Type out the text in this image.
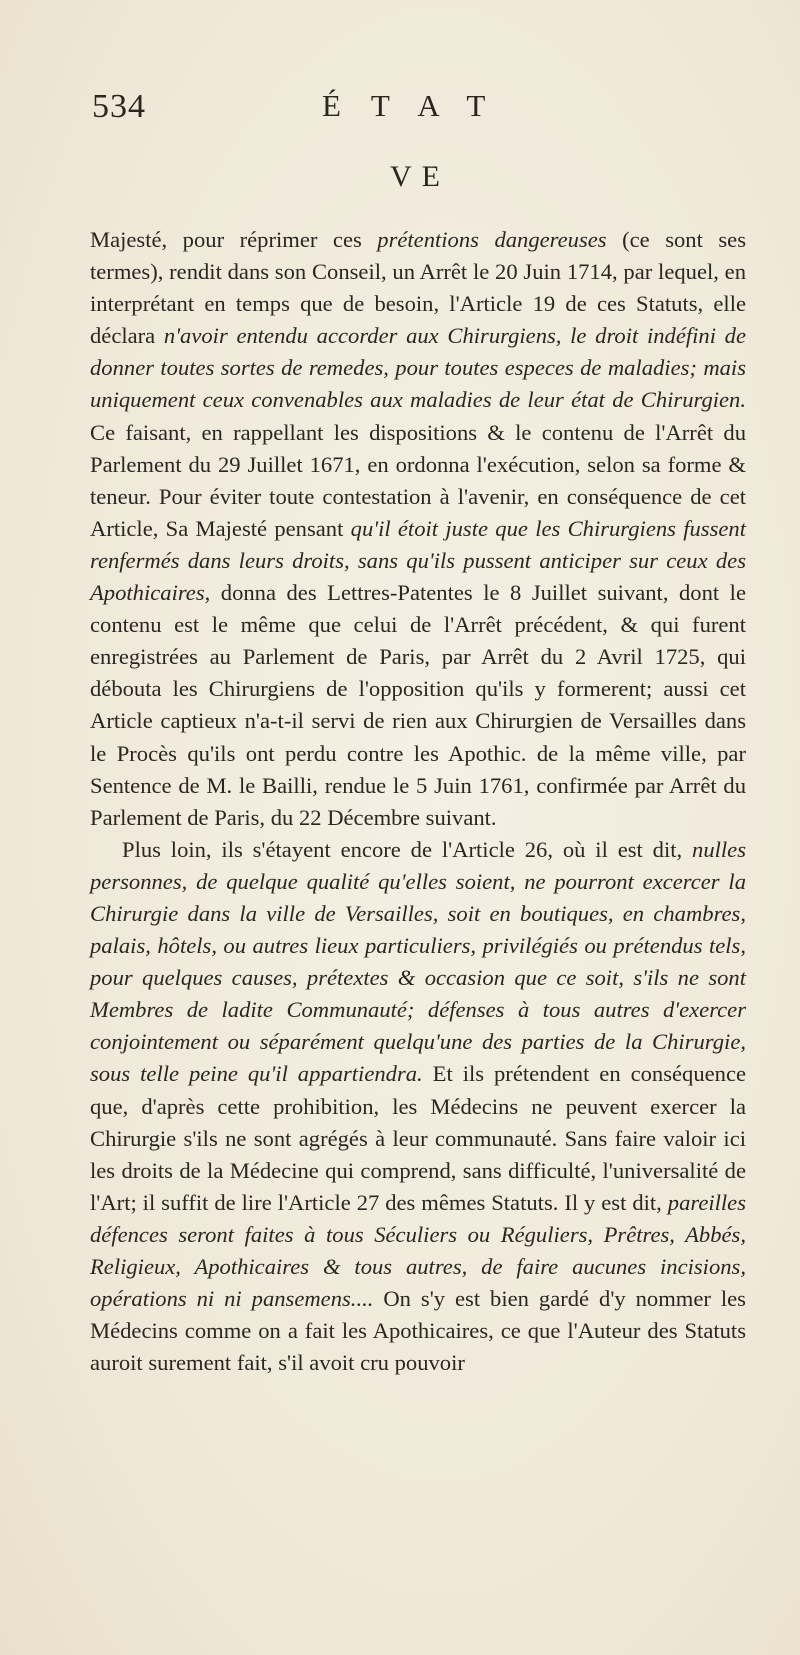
534	ÉTAT
VE

Majesté, pour réprimer ces prétentions dangereuses (ce sont ses termes), rendit dans son Conseil, un Arrêt le 20 Juin 1714, par lequel, en interprétant en temps que de besoin, l'Article 19 de ces Statuts, elle déclara n'avoir entendu accorder aux Chirurgiens, le droit indéfini de donner toutes sortes de remedes, pour toutes especes de maladies; mais uniquement ceux convenables aux maladies de leur état de Chirurgien. Ce faisant, en rappellant les dispositions & le contenu de l'Arrêt du Parlement du 29 Juillet 1671, en ordonna l'exécution, selon sa forme & teneur. Pour éviter toute contestation à l'avenir, en conséquence de cet Article, Sa Majesté pensant qu'il étoit juste que les Chirurgiens fussent renfermés dans leurs droits, sans qu'ils pussent anticiper sur ceux des Apothicaires, donna des Lettres-Patentes le 8 Juillet suivant, dont le contenu est le même que celui de l'Arrêt précédent, & qui furent enregistrées au Parlement de Paris, par Arrêt du 2 Avril 1725, qui débouta les Chirurgiens de l'opposition qu'ils y formerent; aussi cet Article captieux n'a-t-il servi de rien aux Chirurgien de Versailles dans le Procès qu'ils ont perdu contre les Apothic. de la même ville, par Sentence de M. le Bailli, rendue le 5 Juin 1761, confirmée par Arrêt du Parlement de Paris, du 22 Décembre suivant.

Plus loin, ils s'étayent encore de l'Article 26, où il est dit, nulles personnes, de quelque qualité qu'elles soient, ne pourront excercer la Chirurgie dans la ville de Versailles, soit en boutiques, en chambres, palais, hôtels, ou autres lieux particuliers, privilégiés ou prétendus tels, pour quelques causes, prétextes & occasion que ce soit, s'ils ne sont Membres de ladite Communauté; défenses à tous autres d'exercer conjointement ou séparément quelqu'une des parties de la Chirurgie, sous telle peine qu'il appartiendra. Et ils prétendent en conséquence que, d'après cette prohibition, les Médecins ne peuvent exercer la Chirurgie s'ils ne sont agrégés à leur communauté. Sans faire valoir ici les droits de la Médecine qui comprend, sans difficulté, l'universalité de l'Art; il suffit de lire l'Article 27 des mêmes Statuts. Il y est dit, pareilles défences seront faites à tous Séculiers ou Réguliers, Prêtres, Abbés, Religieux, Apothicaires & tous autres, de faire aucunes incisions, opérations ni ni pansemens.... On s'y est bien gardé d'y nommer les Médecins comme on a fait les Apothicaires, ce que l'Auteur des Statuts auroit surement fait, s'il avoit cru pouvoir
